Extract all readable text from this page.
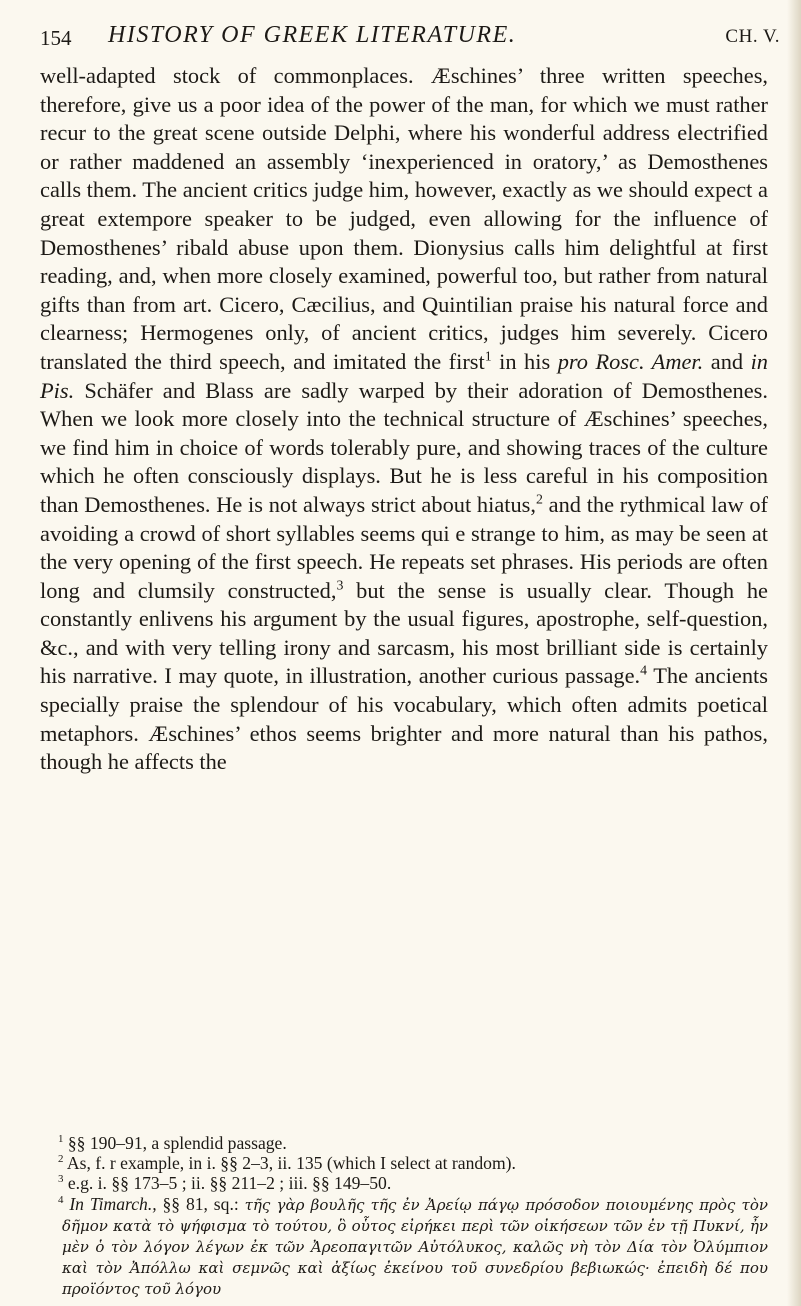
154 HISTORY OF GREEK LITERATURE.	CH. V.

well-adapted stock of commonplaces. Æschines’ three written speeches, therefore, give us a poor idea of the power of the man, for which we must rather recur to the great scene outside Delphi, where his wonderful address electrified or rather maddened an assembly ‘inexperienced in oratory,’ as Demosthenes calls them. The ancient critics judge him, however, exactly as we should expect a great extempore speaker to be judged, even allowing for the influence of Demosthenes’ ribald abuse upon them. Dionysius calls him delightful at first reading, and, when more closely examined, powerful too, but rather from natural gifts than from art. Cicero, Cæcilius, and Quintilian praise his natural force and clearness; Hermogenes only, of ancient critics, judges him severely. Cicero translated the third speech, and imitated the first$^1$ in his pro Rosc. Amer. and in Pis. Schäfer and Blass are sadly warped by their adoration of Demosthenes. When we look more closely into the technical structure of Æschines’ speeches, we find him in choice of words tolerably pure, and showing traces of the culture which he often consciously displays. But he is less careful in his composition than Demosthenes. He is not always strict about hiatus,$^2$ and the rythmical law of avoiding a crowd of short syllables seems qui e strange to him, as may be seen at the very opening of the first speech. He repeats set phrases. His periods are often long and clumsily constructed,$^3$ but the sense is usually clear. Though he constantly enlivens his argument by the usual figures, apostrophe, self-question, &c., and with very telling irony and sarcasm, his most brilliant side is certainly his narrative. I may quote, in illustration, another curious passage.$^4$ The ancients specially praise the splendour of his vocabulary, which often admits poetical metaphors. Æschines’ ethos seems brighter and more natural than his pathos, though he affects the

$^1$ §§ 190–91, a splendid passage.

$^2$ As, f. r example, in i. §§ 2–3, ii. 135 (which I select at random).

$^3$ e.g. i. §§ 173–5 ; ii. §§ 211–2 ; iii. §§ 149–50.

$^4$ In Timarch., §§ 81, sq.: τῆς γὰρ βουλῆς τῆς ἐν Ἀρείῳ πάγῳ πρόσοδον ποιουμένης πρὸς τὸν δῆμον κατὰ τὸ ψήφισμα τὸ τούτου, ὃ οὗτος εἰρήκει περὶ τῶν οἰκήσεων τῶν ἐν τῇ Πυκνί, ἦν μὲν ὁ τὸν λόγον λέγων ἐκ τῶν Ἀρεοπαγιτῶν Αὐτόλυκος, καλῶς νὴ τὸν Δία τὸν Ὀλύμπιον καὶ τὸν Ἀπόλλω καὶ σεμνῶς καὶ ἀξίως ἐκείνου τοῦ συνεδρίου βεβιωκώς· ἐπειδὴ δέ που προϊόντος τοῦ λόγου
